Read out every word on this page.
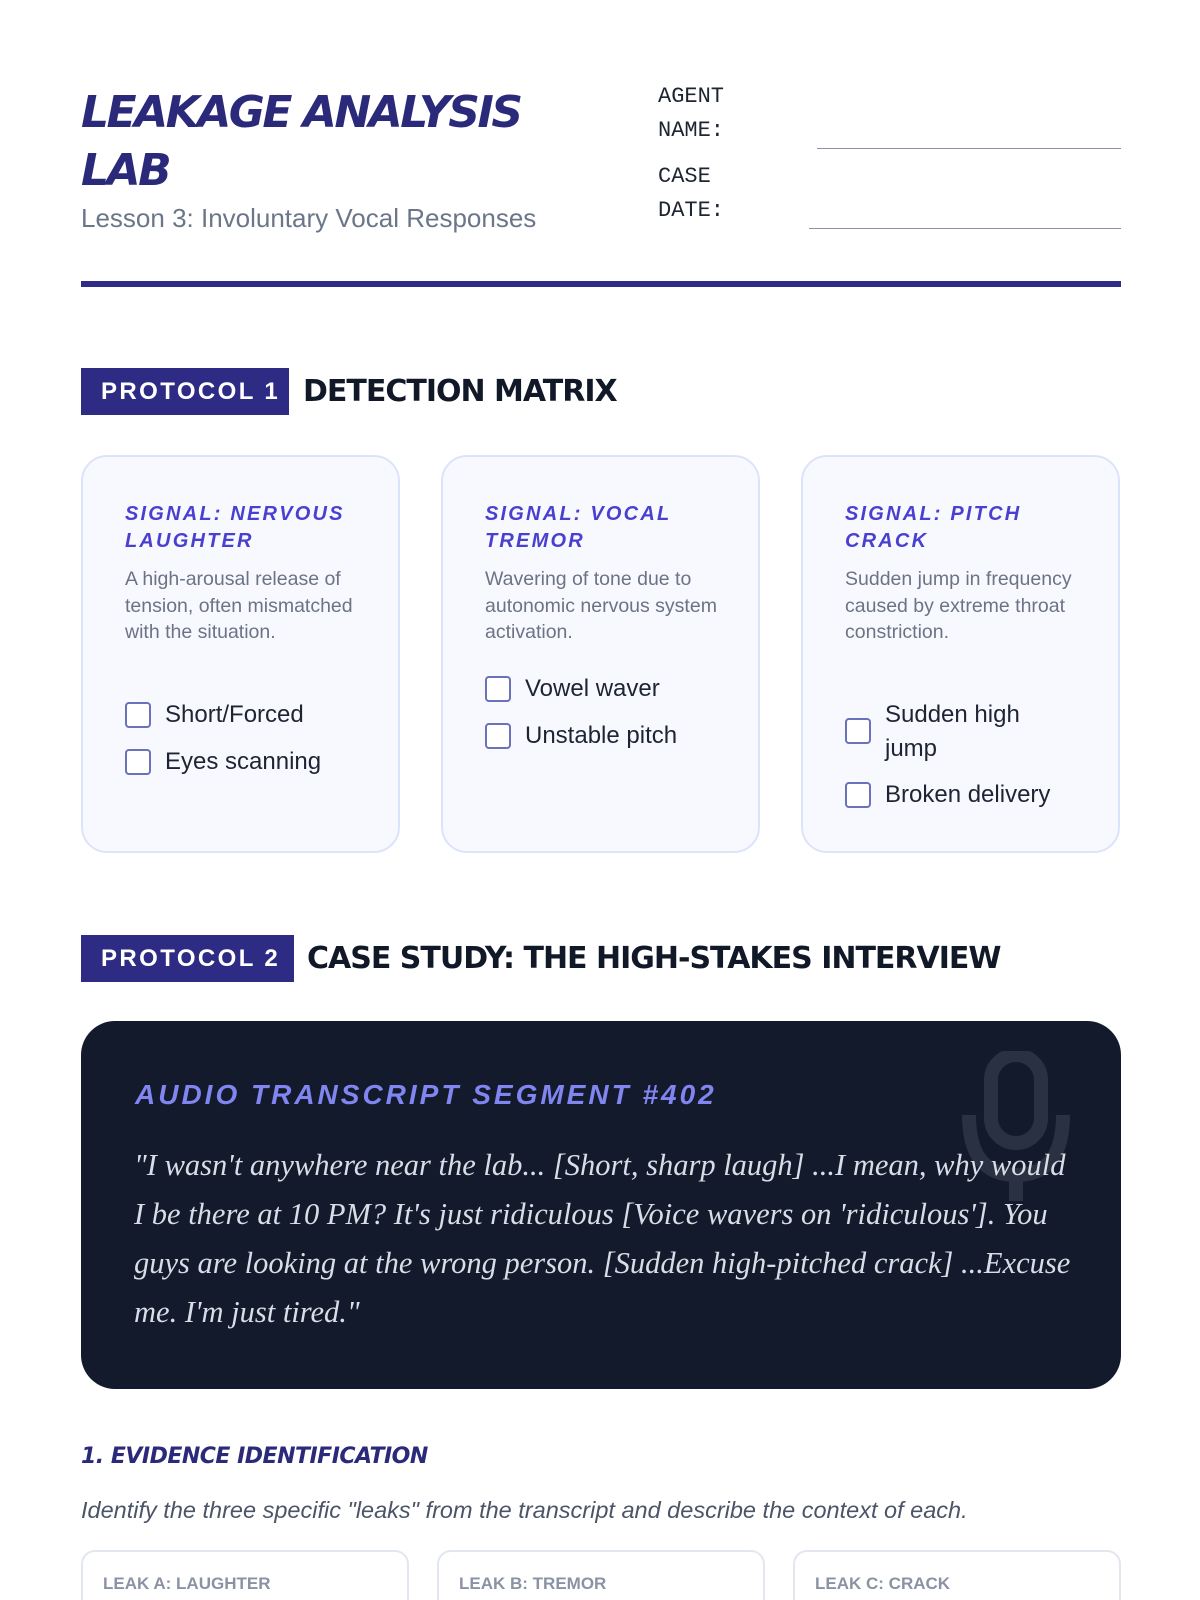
LEAKAGE ANALYSIS LAB
Lesson 3: Involuntary Vocal Responses
AGENT NAME:
CASE DATE:
PROTOCOL 1 DETECTION MATRIX
SIGNAL: NERVOUS LAUGHTER
A high-arousal release of tension, often mismatched with the situation.
Short/Forced
Eyes scanning
SIGNAL: VOCAL TREMOR
Wavering of tone due to autonomic nervous system activation.
Vowel waver
Unstable pitch
SIGNAL: PITCH CRACK
Sudden jump in frequency caused by extreme throat constriction.
Sudden high jump
Broken delivery
PROTOCOL 2 CASE STUDY: THE HIGH-STAKES INTERVIEW
AUDIO TRANSCRIPT SEGMENT #402
"I wasn't anywhere near the lab... [Short, sharp laugh] ...I mean, why would I be there at 10 PM? It's just ridiculous [Voice wavers on 'ridiculous']. You guys are looking at the wrong person. [Sudden high-pitched crack] ...Excuse me. I'm just tired."
1. EVIDENCE IDENTIFICATION
Identify the three specific "leaks" from the transcript and describe the context of each.
LEAK A: LAUGHTER	LEAK B: TREMOR	LEAK C: CRACK
